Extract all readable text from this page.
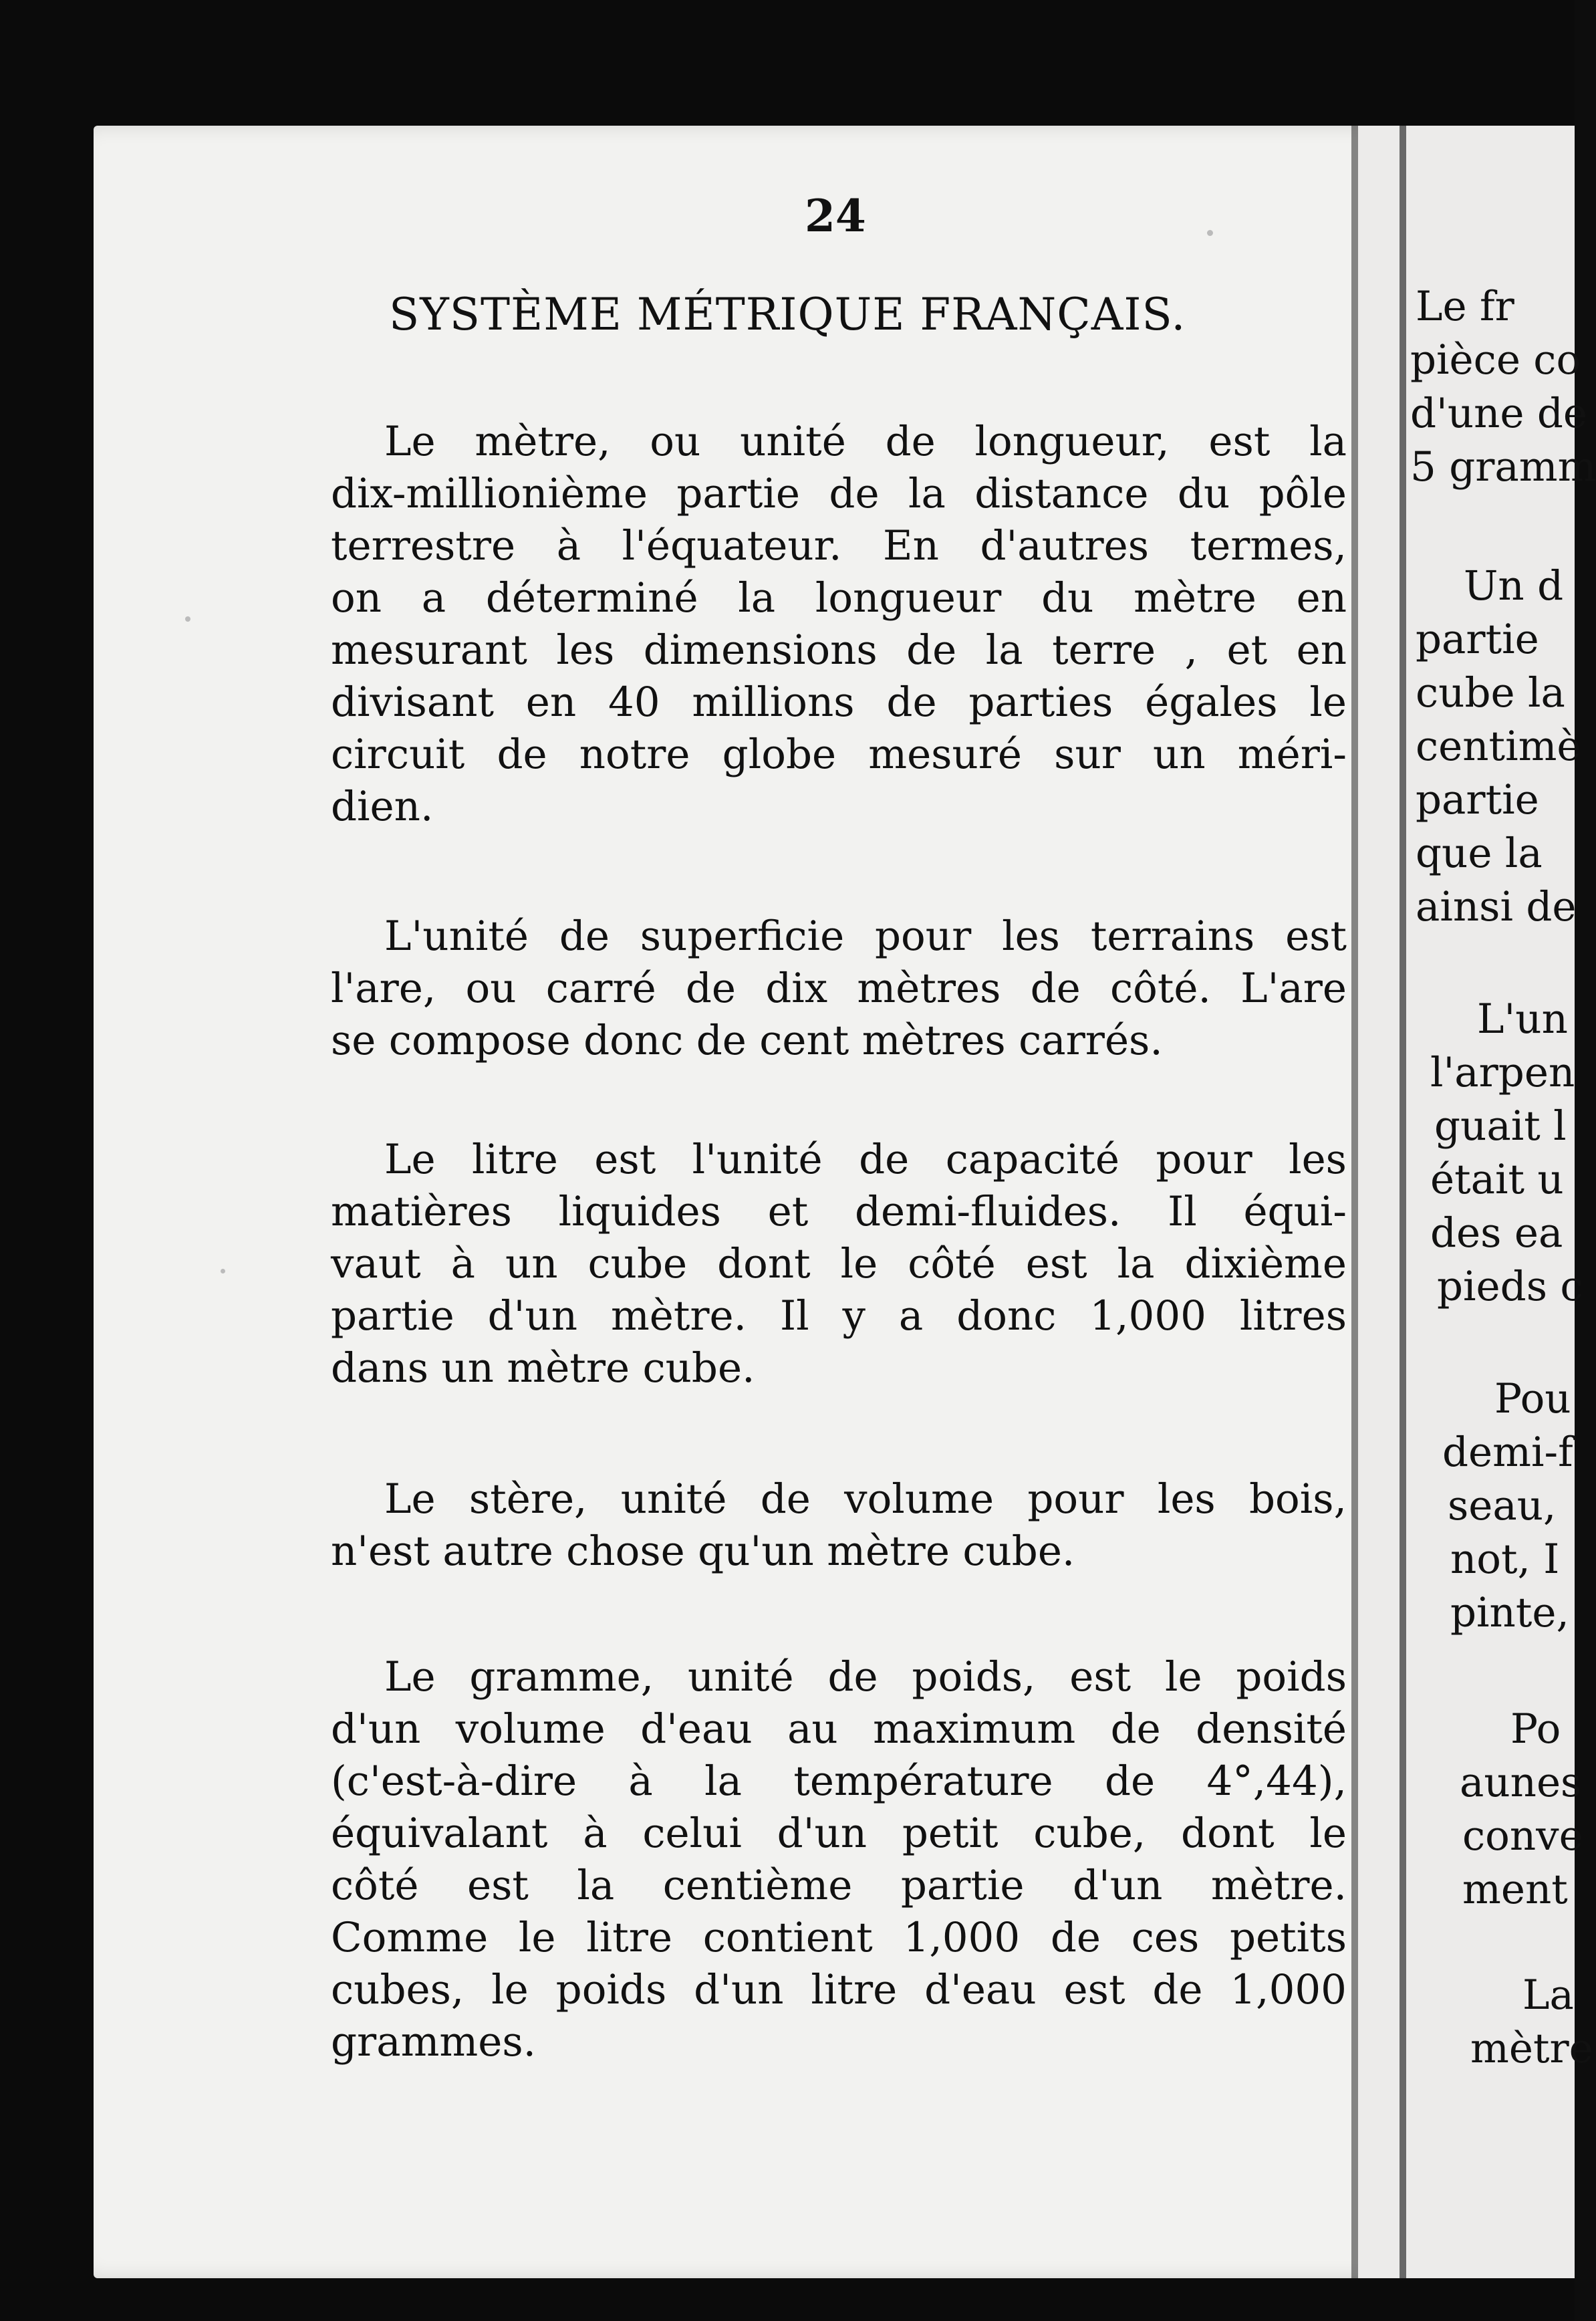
24
SYSTÈME MÉTRIQUE FRANÇAIS.
Le mètre, ou unité de longueur, est la
dix-millionième partie de la distance du pôle
terrestre à l'équateur. En d'autres termes,
on a déterminé la longueur du mètre en
mesurant les dimensions de la terre , et en
divisant en 40 millions de parties égales le
circuit de notre globe mesuré sur un méri-
dien.
L'unité de superficie pour les terrains est
l'are, ou carré de dix mètres de côté. L'are
se compose donc de cent mètres carrés.
Le litre est l'unité de capacité pour les
matières liquides et demi-fluides. Il équi-
vaut à un cube dont le côté est la dixième
partie d'un mètre. Il y a donc 1,000 litres
dans un mètre cube.
Le stère, unité de volume pour les bois,
n'est autre chose qu'un mètre cube.
Le gramme, unité de poids, est le poids
d'un volume d'eau au maximum de densité
(c'est-à-dire à la température de 4°,44),
équivalant à celui d'un petit cube, dont le
côté est la centième partie d'un mètre.
Comme le litre contient 1,000 de ces petits
cubes, le poids d'un litre d'eau est de 1,000
grammes.
Le fr
pièce co
d'une de
5 gramm
Un d
partie
cube la
centimè
partie
que la
ainsi de
L'un
l'arpen
guait l
était u
des ea
pieds c
Pou
demi-f
seau,
not, I
pinte,
Po
aunes
conve
ment
La
mètre
